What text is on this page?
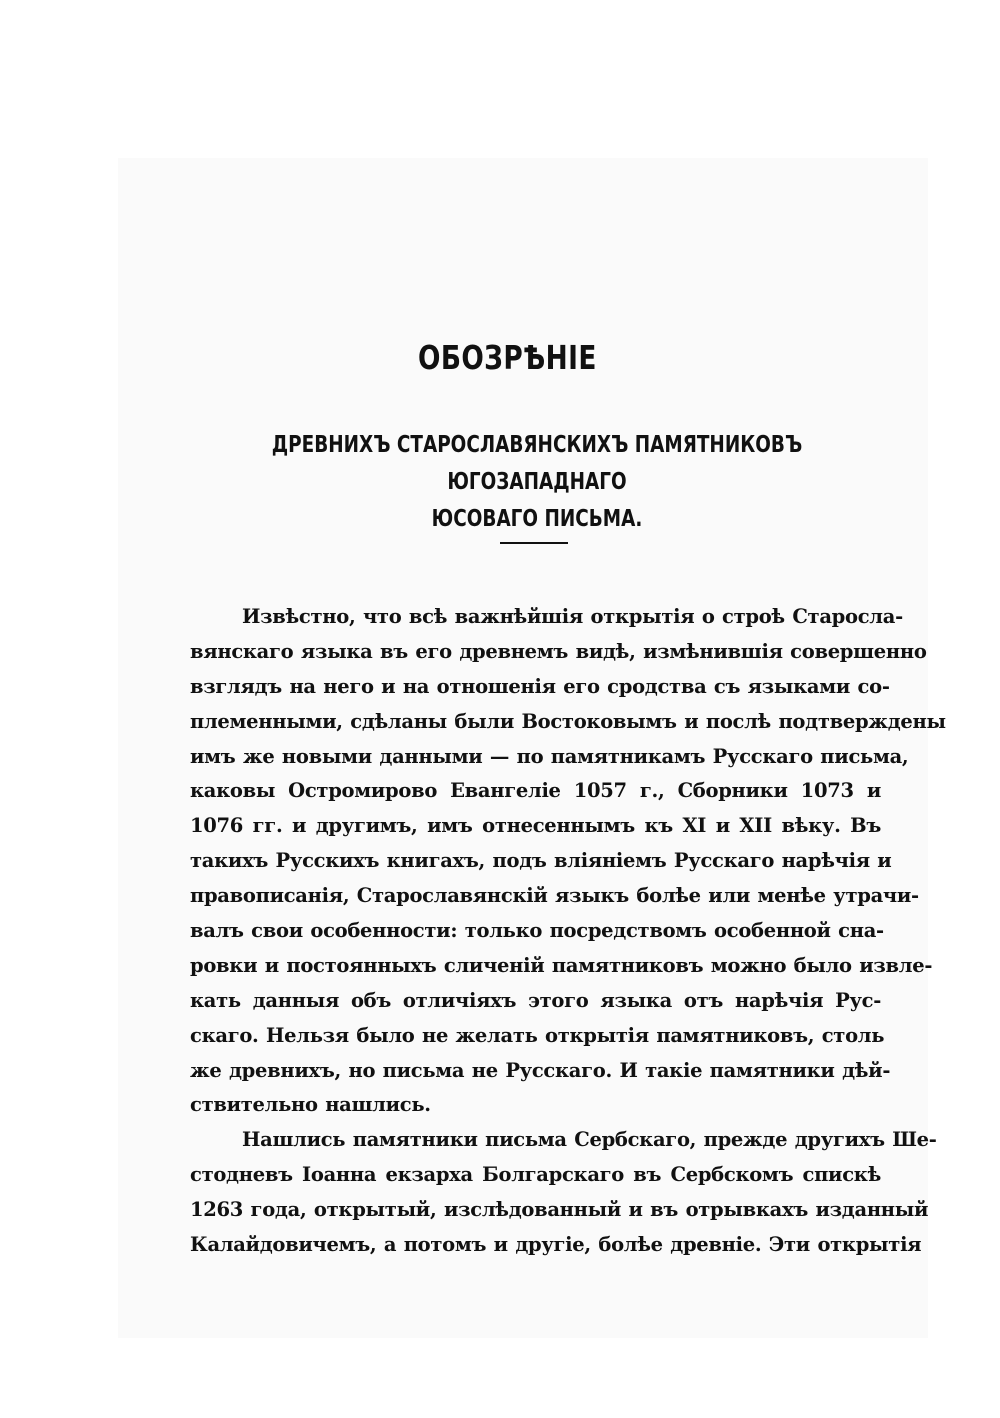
ОБОЗРѢНІЕ
ДРЕВНИХЪ СТАРОСЛАВЯНСКИХЪ ПАМЯТНИКОВЪ ЮГОЗАПАДНАГО
ЮСОВАГО ПИСЬМА.
Извѣстно, что всѣ важнѣйшія открытія о строѣ Старосла-
вянскаго языка въ его древнемъ видѣ, измѣнившія совершенно
взглядъ на него и на отношенія его сродства съ языками со-
племенными, сдѣланы были Востоковымъ и послѣ подтверждены
имъ же новыми данными — по памятникамъ Русскаго письма,
каковы Остромирово Евангеліе 1057 г., Сборники 1073 и
1076 гг. и другимъ, имъ отнесеннымъ къ XI и XII вѣку. Въ
такихъ Русскихъ книгахъ, подъ вліяніемъ Русскаго нарѣчія и
правописанія, Старославянскій языкъ болѣе или менѣе утрачи-
валъ свои особенности: только посредствомъ особенной сна-
ровки и постоянныхъ сличеній памятниковъ можно было извле-
кать данныя объ отличіяхъ этого языка отъ нарѣчія Рус-
скаго. Нельзя было не желать открытія памятниковъ, столь
же древнихъ, но письма не Русскаго. И такіе памятники дѣй-
ствительно нашлись.
Нашлись памятники письма Сербскаго, прежде другихъ Ше-
стодневъ Іоанна екзарха Болгарскаго въ Сербскомъ спискѣ
1263 года, открытый, изслѣдованный и въ отрывкахъ изданный
Калайдовичемъ, а потомъ и другіе, болѣе древніе. Эти открытія
